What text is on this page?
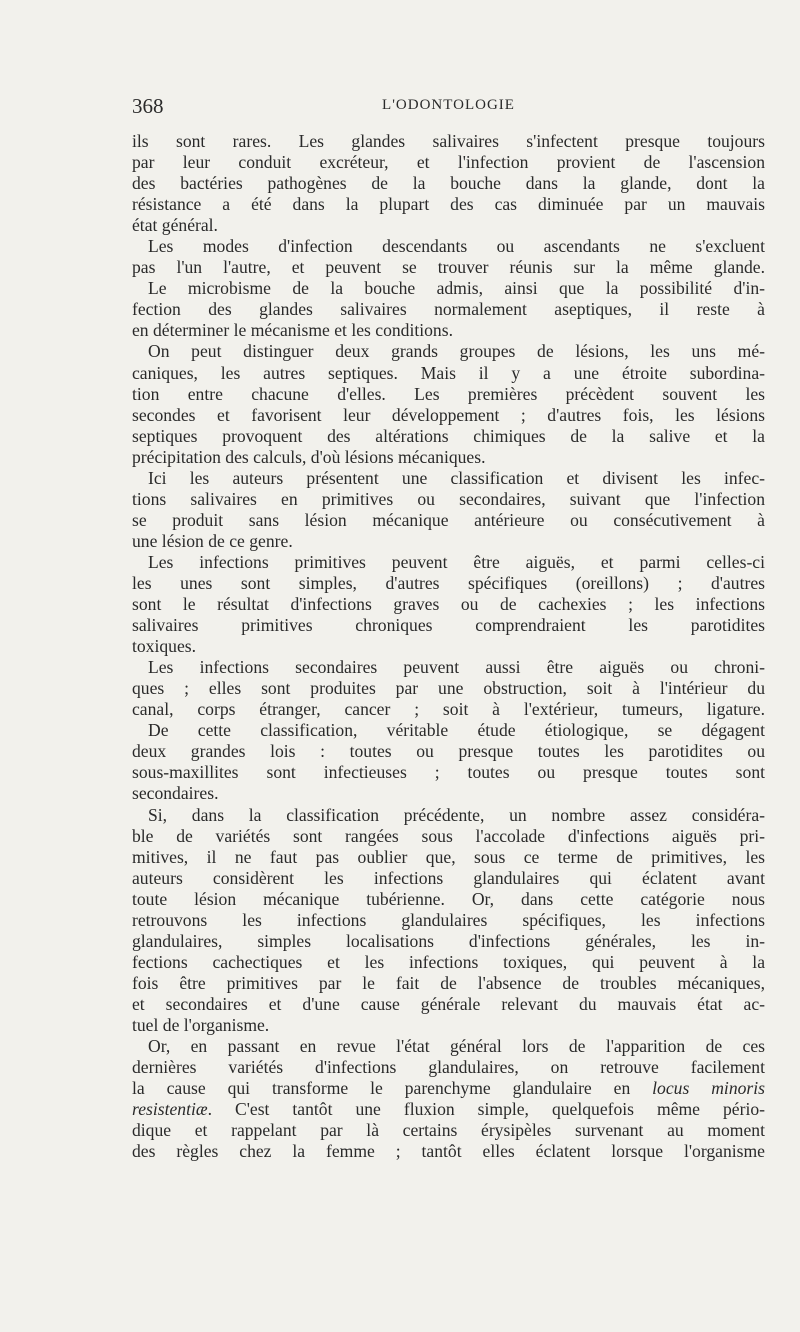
368	L'ODONTOLOGIE
ils sont rares. Les glandes salivaires s'infectent presque toujours
par leur conduit excréteur, et l'infection provient de l'ascension
des bactéries pathogènes de la bouche dans la glande, dont la
résistance a été dans la plupart des cas diminuée par un mauvais
état général.
Les modes d'infection descendants ou ascendants ne s'excluent
pas l'un l'autre, et peuvent se trouver réunis sur la même glande.
Le microbisme de la bouche admis, ainsi que la possibilité d'in-
fection des glandes salivaires normalement aseptiques, il reste à
en déterminer le mécanisme et les conditions.
On peut distinguer deux grands groupes de lésions, les uns mé-
caniques, les autres septiques. Mais il y a une étroite subordina-
tion entre chacune d'elles. Les premières précèdent souvent les
secondes et favorisent leur développement ; d'autres fois, les lésions
septiques provoquent des altérations chimiques de la salive et la
précipitation des calculs, d'où lésions mécaniques.
Ici les auteurs présentent une classification et divisent les infec-
tions salivaires en primitives ou secondaires, suivant que l'infection
se produit sans lésion mécanique antérieure ou consécutivement à
une lésion de ce genre.
Les infections primitives peuvent être aiguës, et parmi celles-ci
les unes sont simples, d'autres spécifiques (oreillons) ; d'autres
sont le résultat d'infections graves ou de cachexies ; les infections
salivaires primitives chroniques comprendraient les parotidites
toxiques.
Les infections secondaires peuvent aussi être aiguës ou chroni-
ques ; elles sont produites par une obstruction, soit à l'intérieur du
canal, corps étranger, cancer ; soit à l'extérieur, tumeurs, ligature.
De cette classification, véritable étude étiologique, se dégagent
deux grandes lois : toutes ou presque toutes les parotidites ou
sous-maxillites sont infectieuses ; toutes ou presque toutes sont
secondaires.
Si, dans la classification précédente, un nombre assez considéra-
ble de variétés sont rangées sous l'accolade d'infections aiguës pri-
mitives, il ne faut pas oublier que, sous ce terme de primitives, les
auteurs considèrent les infections glandulaires qui éclatent avant
toute lésion mécanique tubérienne. Or, dans cette catégorie nous
retrouvons les infections glandulaires spécifiques, les infections
glandulaires, simples localisations d'infections générales, les in-
fections cachectiques et les infections toxiques, qui peuvent à la
fois être primitives par le fait de l'absence de troubles mécaniques,
et secondaires et d'une cause générale relevant du mauvais état ac-
tuel de l'organisme.
Or, en passant en revue l'état général lors de l'apparition de ces
dernières variétés d'infections glandulaires, on retrouve facilement
la cause qui transforme le parenchyme glandulaire en locus minoris
resistentiæ. C'est tantôt une fluxion simple, quelquefois même pério-
dique et rappelant par là certains érysipèles survenant au moment
des règles chez la femme ; tantôt elles éclatent lorsque l'organisme
